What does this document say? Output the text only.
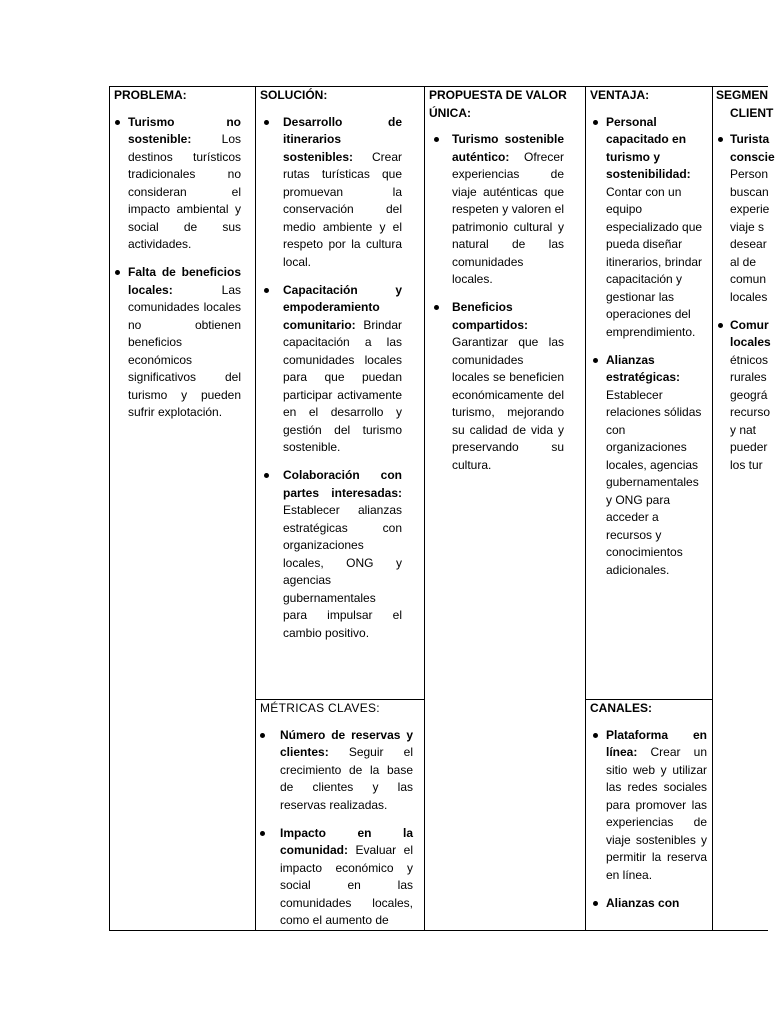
PROBLEMA:
Turismo no sostenible:	Los destinos turísticos tradicionales no consideran el impacto ambiental y social de sus actividades.
Falta de beneficios locales:	Las comunidades locales no obtienen beneficios económicos significativos del turismo y pueden sufrir explotación.
SOLUCIÓN:
Desarrollo de itinerarios sostenibles: Crear rutas turísticas que promuevan la conservación del medio ambiente y el respeto por la cultura local.
Capacitación y empoderamiento comunitario: Brindar capacitación a las comunidades locales para que puedan participar activamente en el desarrollo y gestión del turismo sostenible.
Colaboración con partes interesadas: Establecer alianzas estratégicas con organizaciones locales, ONG y agencias gubernamentales para impulsar el cambio positivo.
MÉTRICAS CLAVES:
Número de reservas y clientes: Seguir el crecimiento de la base de clientes y las reservas realizadas.
Impacto en la comunidad: Evaluar el impacto económico y social en las comunidades locales, como el aumento de
PROPUESTA DE VALOR ÚNICA:
Turismo sostenible auténtico: Ofrecer experiencias de viaje auténticas que respeten y valoren el patrimonio cultural y natural de las comunidades locales.
Beneficios compartidos: Garantizar que las comunidades locales se beneficien económicamente del turismo, mejorando su calidad de vida y preservando su cultura.
VENTAJA:
Personal capacitado en turismo y sostenibilidad: Contar con un equipo especializado que pueda diseñar itinerarios, brindar capacitación y gestionar las operaciones del emprendimiento.
Alianzas estratégicas: Establecer relaciones sólidas con organizaciones locales, agencias gubernamentales y ONG para acceder a recursos y conocimientos adicionales.
CANALES:
Plataforma en línea: Crear un sitio web y utilizar las redes sociales para promover las experiencias de viaje sostenibles y permitir la reserva en línea.
Alianzas con
SEGMEN
CLIENT
Turista
conscie
Person
buscan
experie
viaje s
desear
al de
comun
locales
Comur
locales
étnicos
rurales
geográ
recurso
y nat
pueder
los tur
